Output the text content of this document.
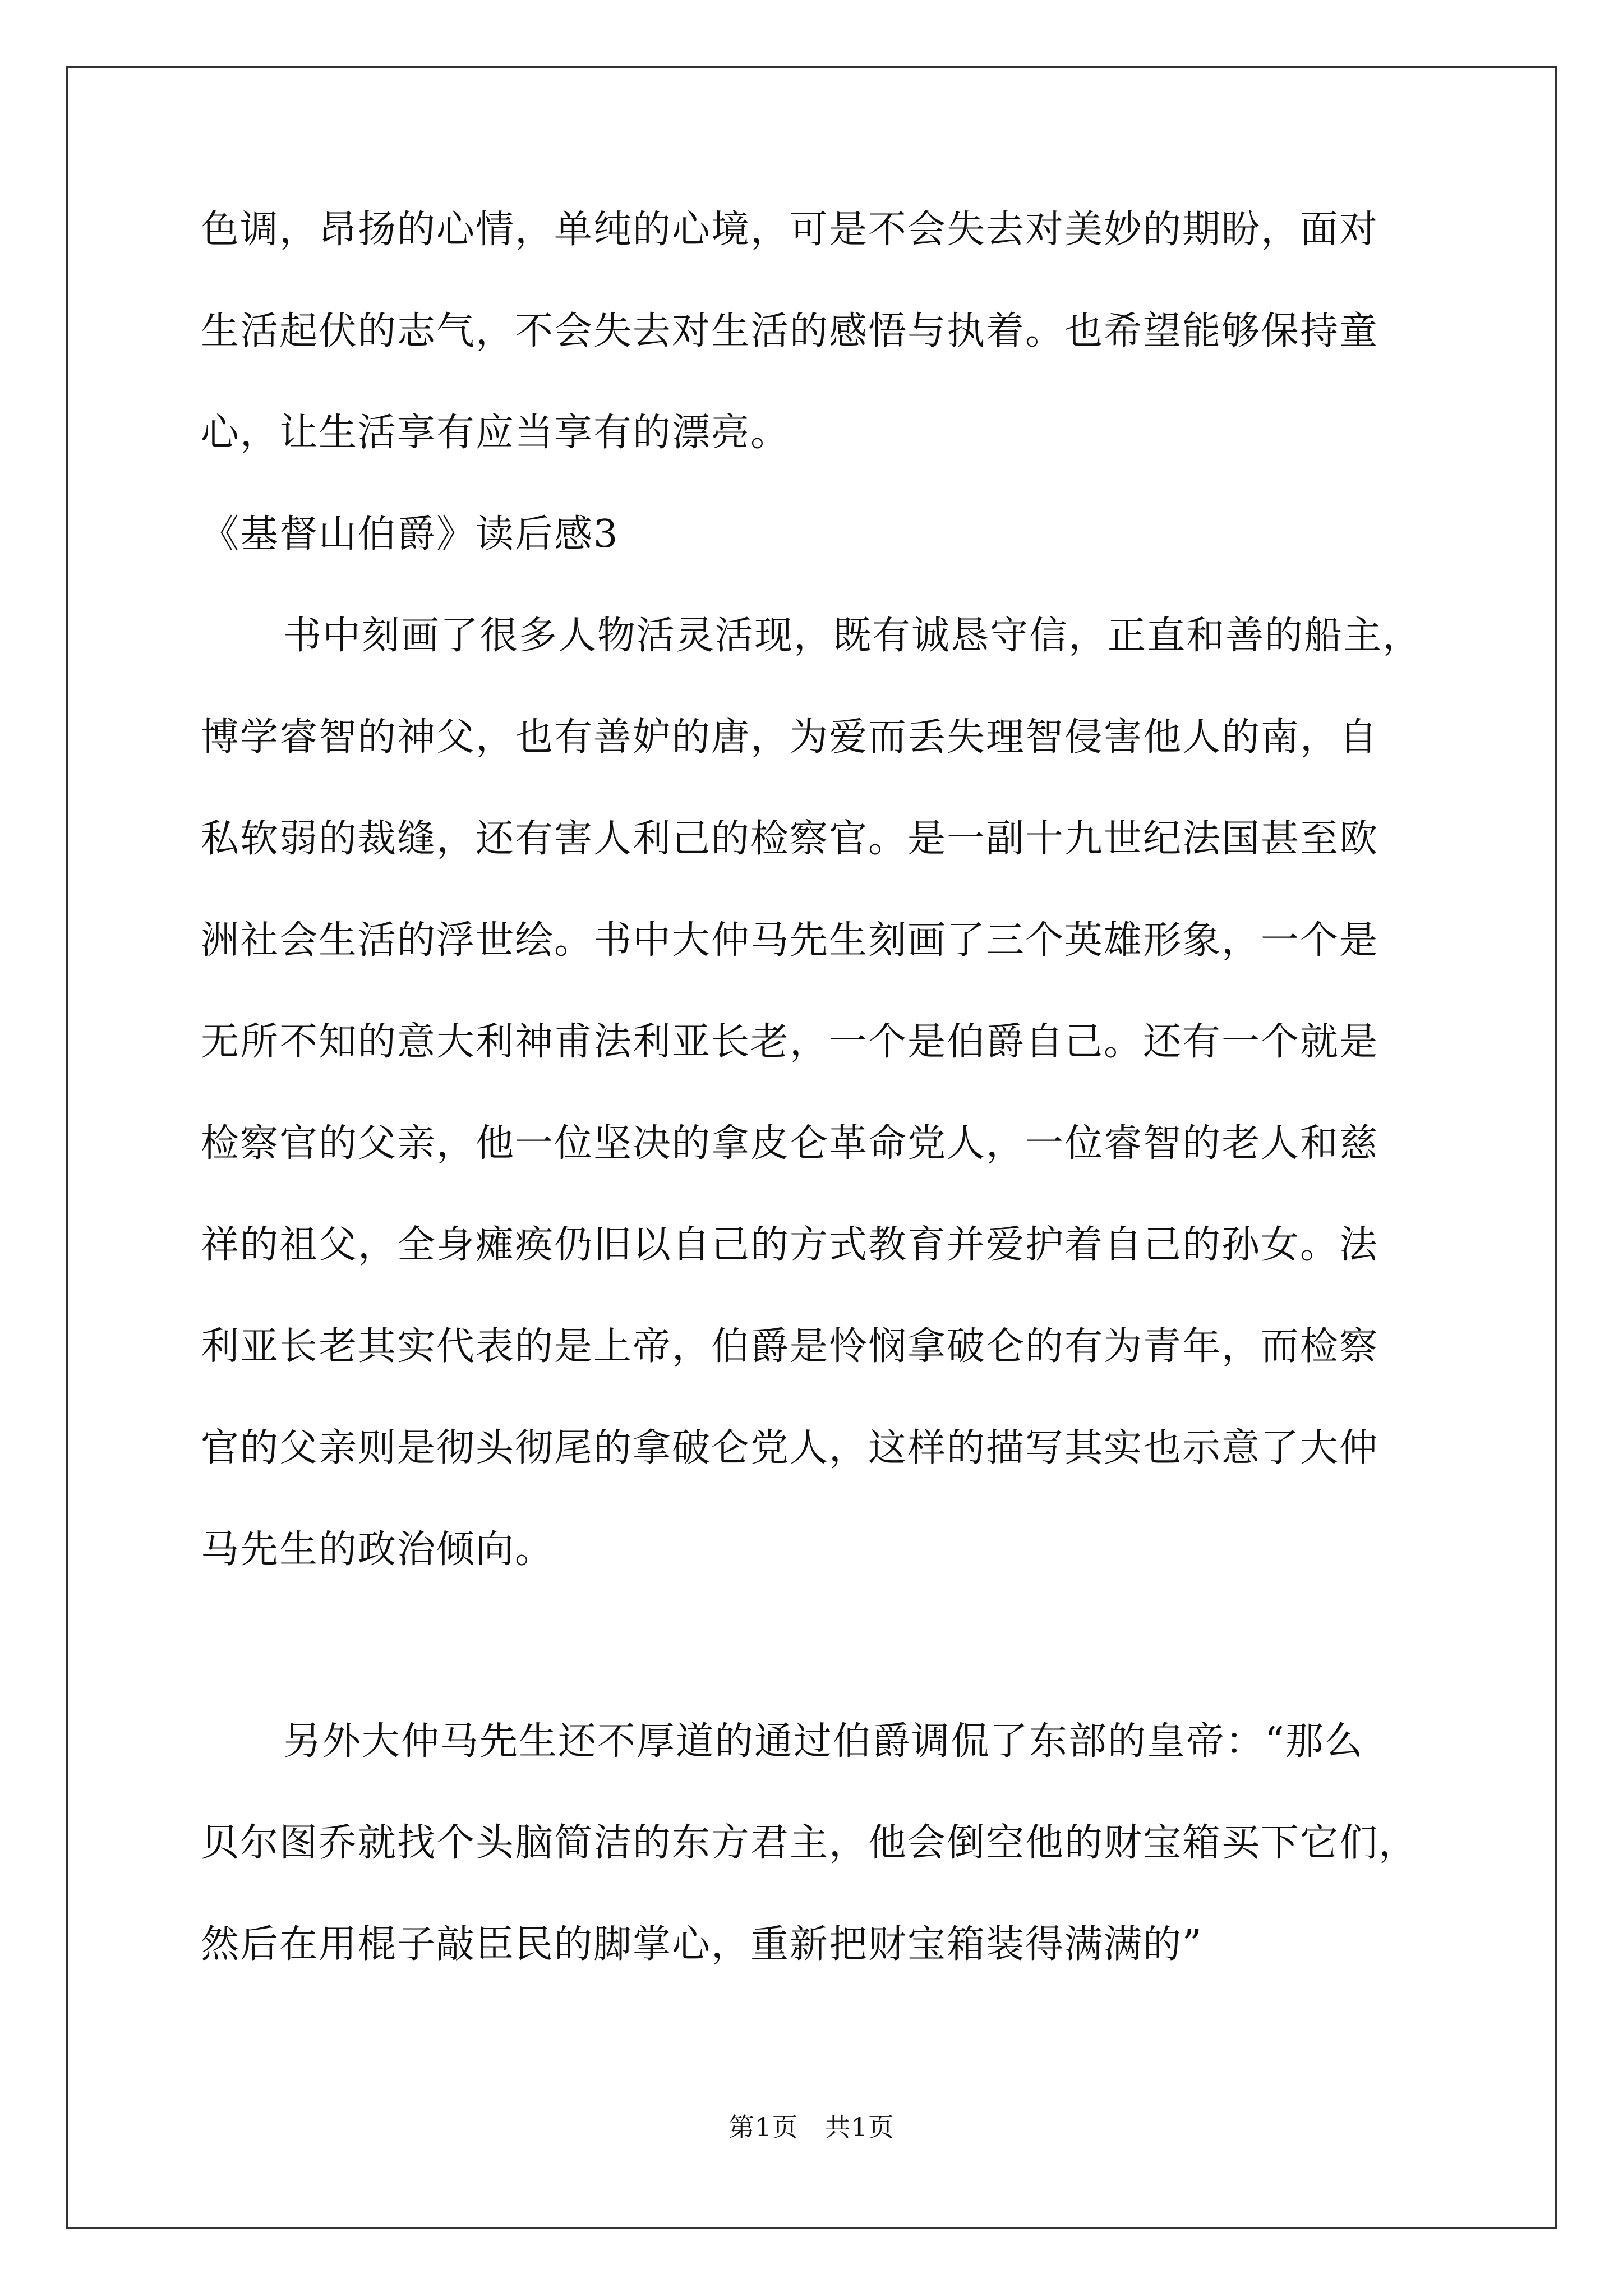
色调，昂扬的心情，单纯的心境，可是不会失去对美妙的期盼，面对
生活起伏的志气，不会失去对生活的感悟与执着。也希望能够保持童
心，让生活享有应当享有的漂亮。
《基督山伯爵》读后感3
书中刻画了很多人物活灵活现，既有诚恳守信，正直和善的船主，
博学睿智的神父，也有善妒的唐，为爱而丢失理智侵害他人的南，自
私软弱的裁缝，还有害人利己的检察官。是一副十九世纪法国甚至欧
洲社会生活的浮世绘。书中大仲马先生刻画了三个英雄形象，一个是
无所不知的意大利神甫法利亚长老，一个是伯爵自己。还有一个就是
检察官的父亲，他一位坚决的拿皮仑革命党人，一位睿智的老人和慈
祥的祖父，全身瘫痪仍旧以自己的方式教育并爱护着自己的孙女。法
利亚长老其实代表的是上帝，伯爵是怜悯拿破仑的有为青年，而检察
官的父亲则是彻头彻尾的拿破仑党人，这样的描写其实也示意了大仲
马先生的政治倾向。
另外大仲马先生还不厚道的通过伯爵调侃了东部的皇帝：“那么
贝尔图乔就找个头脑简洁的东方君主，他会倒空他的财宝箱买下它们，
然后在用棍子敲臣民的脚掌心，重新把财宝箱装得满满的”
第1页　共1页
